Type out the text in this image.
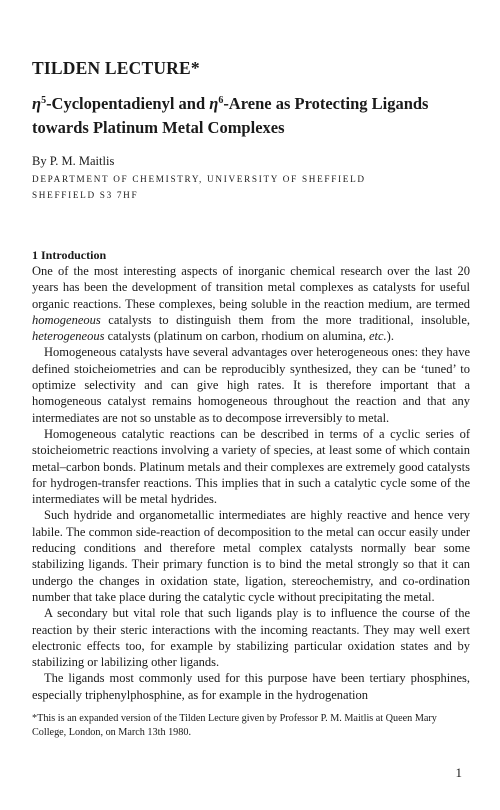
TILDEN LECTURE*
$\eta^5$-Cyclopentadienyl and $\eta^6$-Arene as Protecting Ligands towards Platinum Metal Complexes
By P. M. Maitlis
DEPARTMENT OF CHEMISTRY, UNIVERSITY OF SHEFFIELD
SHEFFIELD S3 7HF
1 Introduction

One of the most interesting aspects of inorganic chemical research over the last 20 years has been the development of transition metal complexes as catalysts for useful organic reactions. These complexes, being soluble in the reaction medium, are termed homogeneous catalysts to distinguish them from the more traditional, insoluble, heterogeneous catalysts (platinum on carbon, rhodium on alumina, etc.).

Homogeneous catalysts have several advantages over heterogeneous ones: they have defined stoicheiometries and can be reproducibly synthesized, they can be ‘tuned’ to optimize selectivity and can give high rates. It is therefore important that a homogeneous catalyst remains homogeneous throughout the reaction and that any intermediates are not so unstable as to decompose irreversibly to metal.

Homogeneous catalytic reactions can be described in terms of a cyclic series of stoicheiometric reactions involving a variety of species, at least some of which contain metal–carbon bonds. Platinum metals and their complexes are extremely good catalysts for hydrogen-transfer reactions. This implies that in such a catalytic cycle some of the intermediates will be metal hydrides.

Such hydride and organometallic intermediates are highly reactive and hence very labile. The common side-reaction of decomposition to the metal can occur easily under reducing conditions and therefore metal complex catalysts normally bear some stabilizing ligands. Their primary function is to bind the metal strongly so that it can undergo the changes in oxidation state, ligation, stereochemistry, and co-ordination number that take place during the catalytic cycle without precipitating the metal.

A secondary but vital role that such ligands play is to influence the course of the reaction by their steric interactions with the incoming reactants. They may well exert electronic effects too, for example by stabilizing particular oxidation states and by stabilizing or labilizing other ligands.

The ligands most commonly used for this purpose have been tertiary phosphines, especially triphenylphosphine, as for example in the hydrogenation

*This is an expanded version of the Tilden Lecture given by Professor P. M. Maitlis at Queen Mary College, London, on March 13th 1980.
1
